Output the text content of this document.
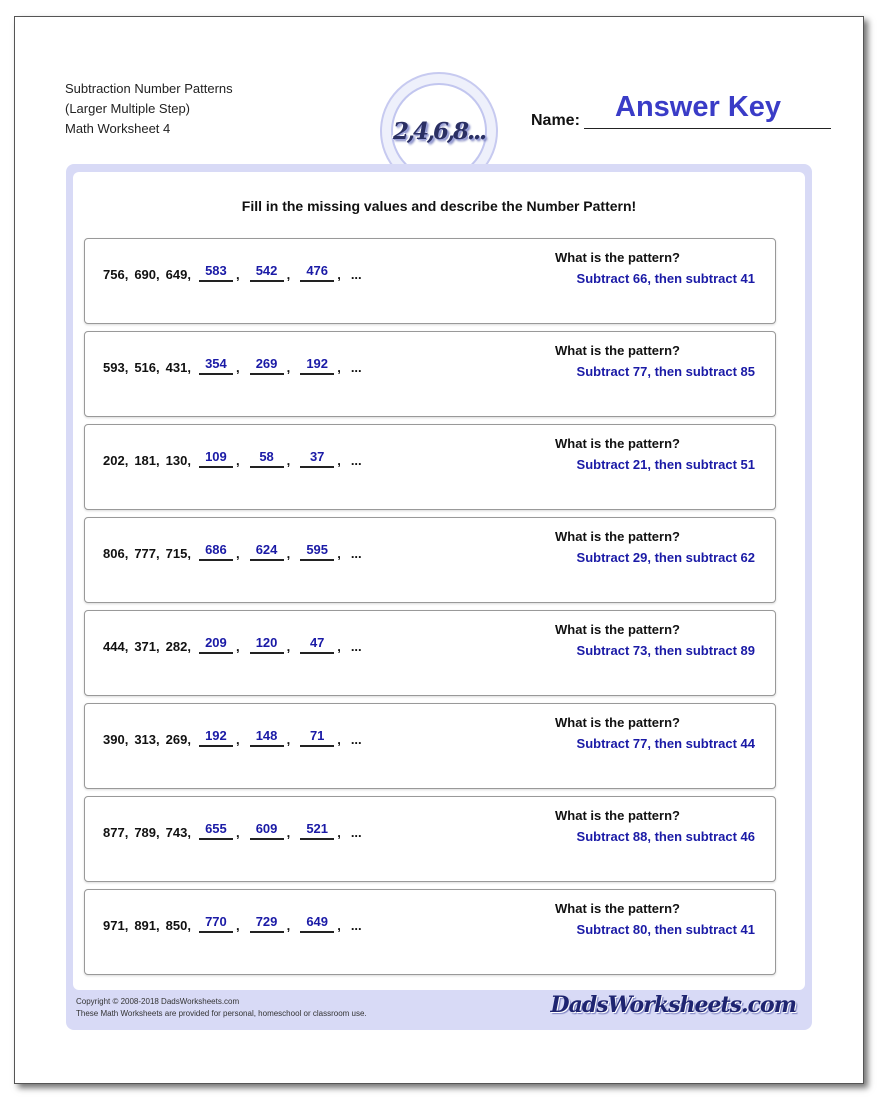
Subtraction Number Patterns
(Larger Multiple Step)
Math Worksheet 4	2,4,6,8...	Name: Answer Key
Fill in the missing values and describe the Number Pattern!
756, 690, 649,	583 ,	542 ,	476 , ...
What is the pattern?
Subtract 66, then subtract 41
593, 516, 431,	354 ,	269 ,	192 , ...
What is the pattern?
Subtract 77, then subtract 85
202, 181, 130,	109 ,	58 ,	37 , ...
What is the pattern?
Subtract 21, then subtract 51
806, 777, 715,	686 ,	624 ,	595 , ...
What is the pattern?
Subtract 29, then subtract 62
444, 371, 282,	209 ,	120 ,	47 , ...
What is the pattern?
Subtract 73, then subtract 89
390, 313, 269,	192 ,	148 ,	71 , ...
What is the pattern?
Subtract 77, then subtract 44
877, 789, 743,	655 ,	609 ,	521 , ...
What is the pattern?
Subtract 88, then subtract 46
971, 891, 850,	770 ,	729 ,	649 , ...
What is the pattern?
Subtract 80, then subtract 41
Copyright © 2008-2018 DadsWorksheets.com
These Math Worksheets are provided for personal, homeschool or classroom use.	DadsWorksheets.com
